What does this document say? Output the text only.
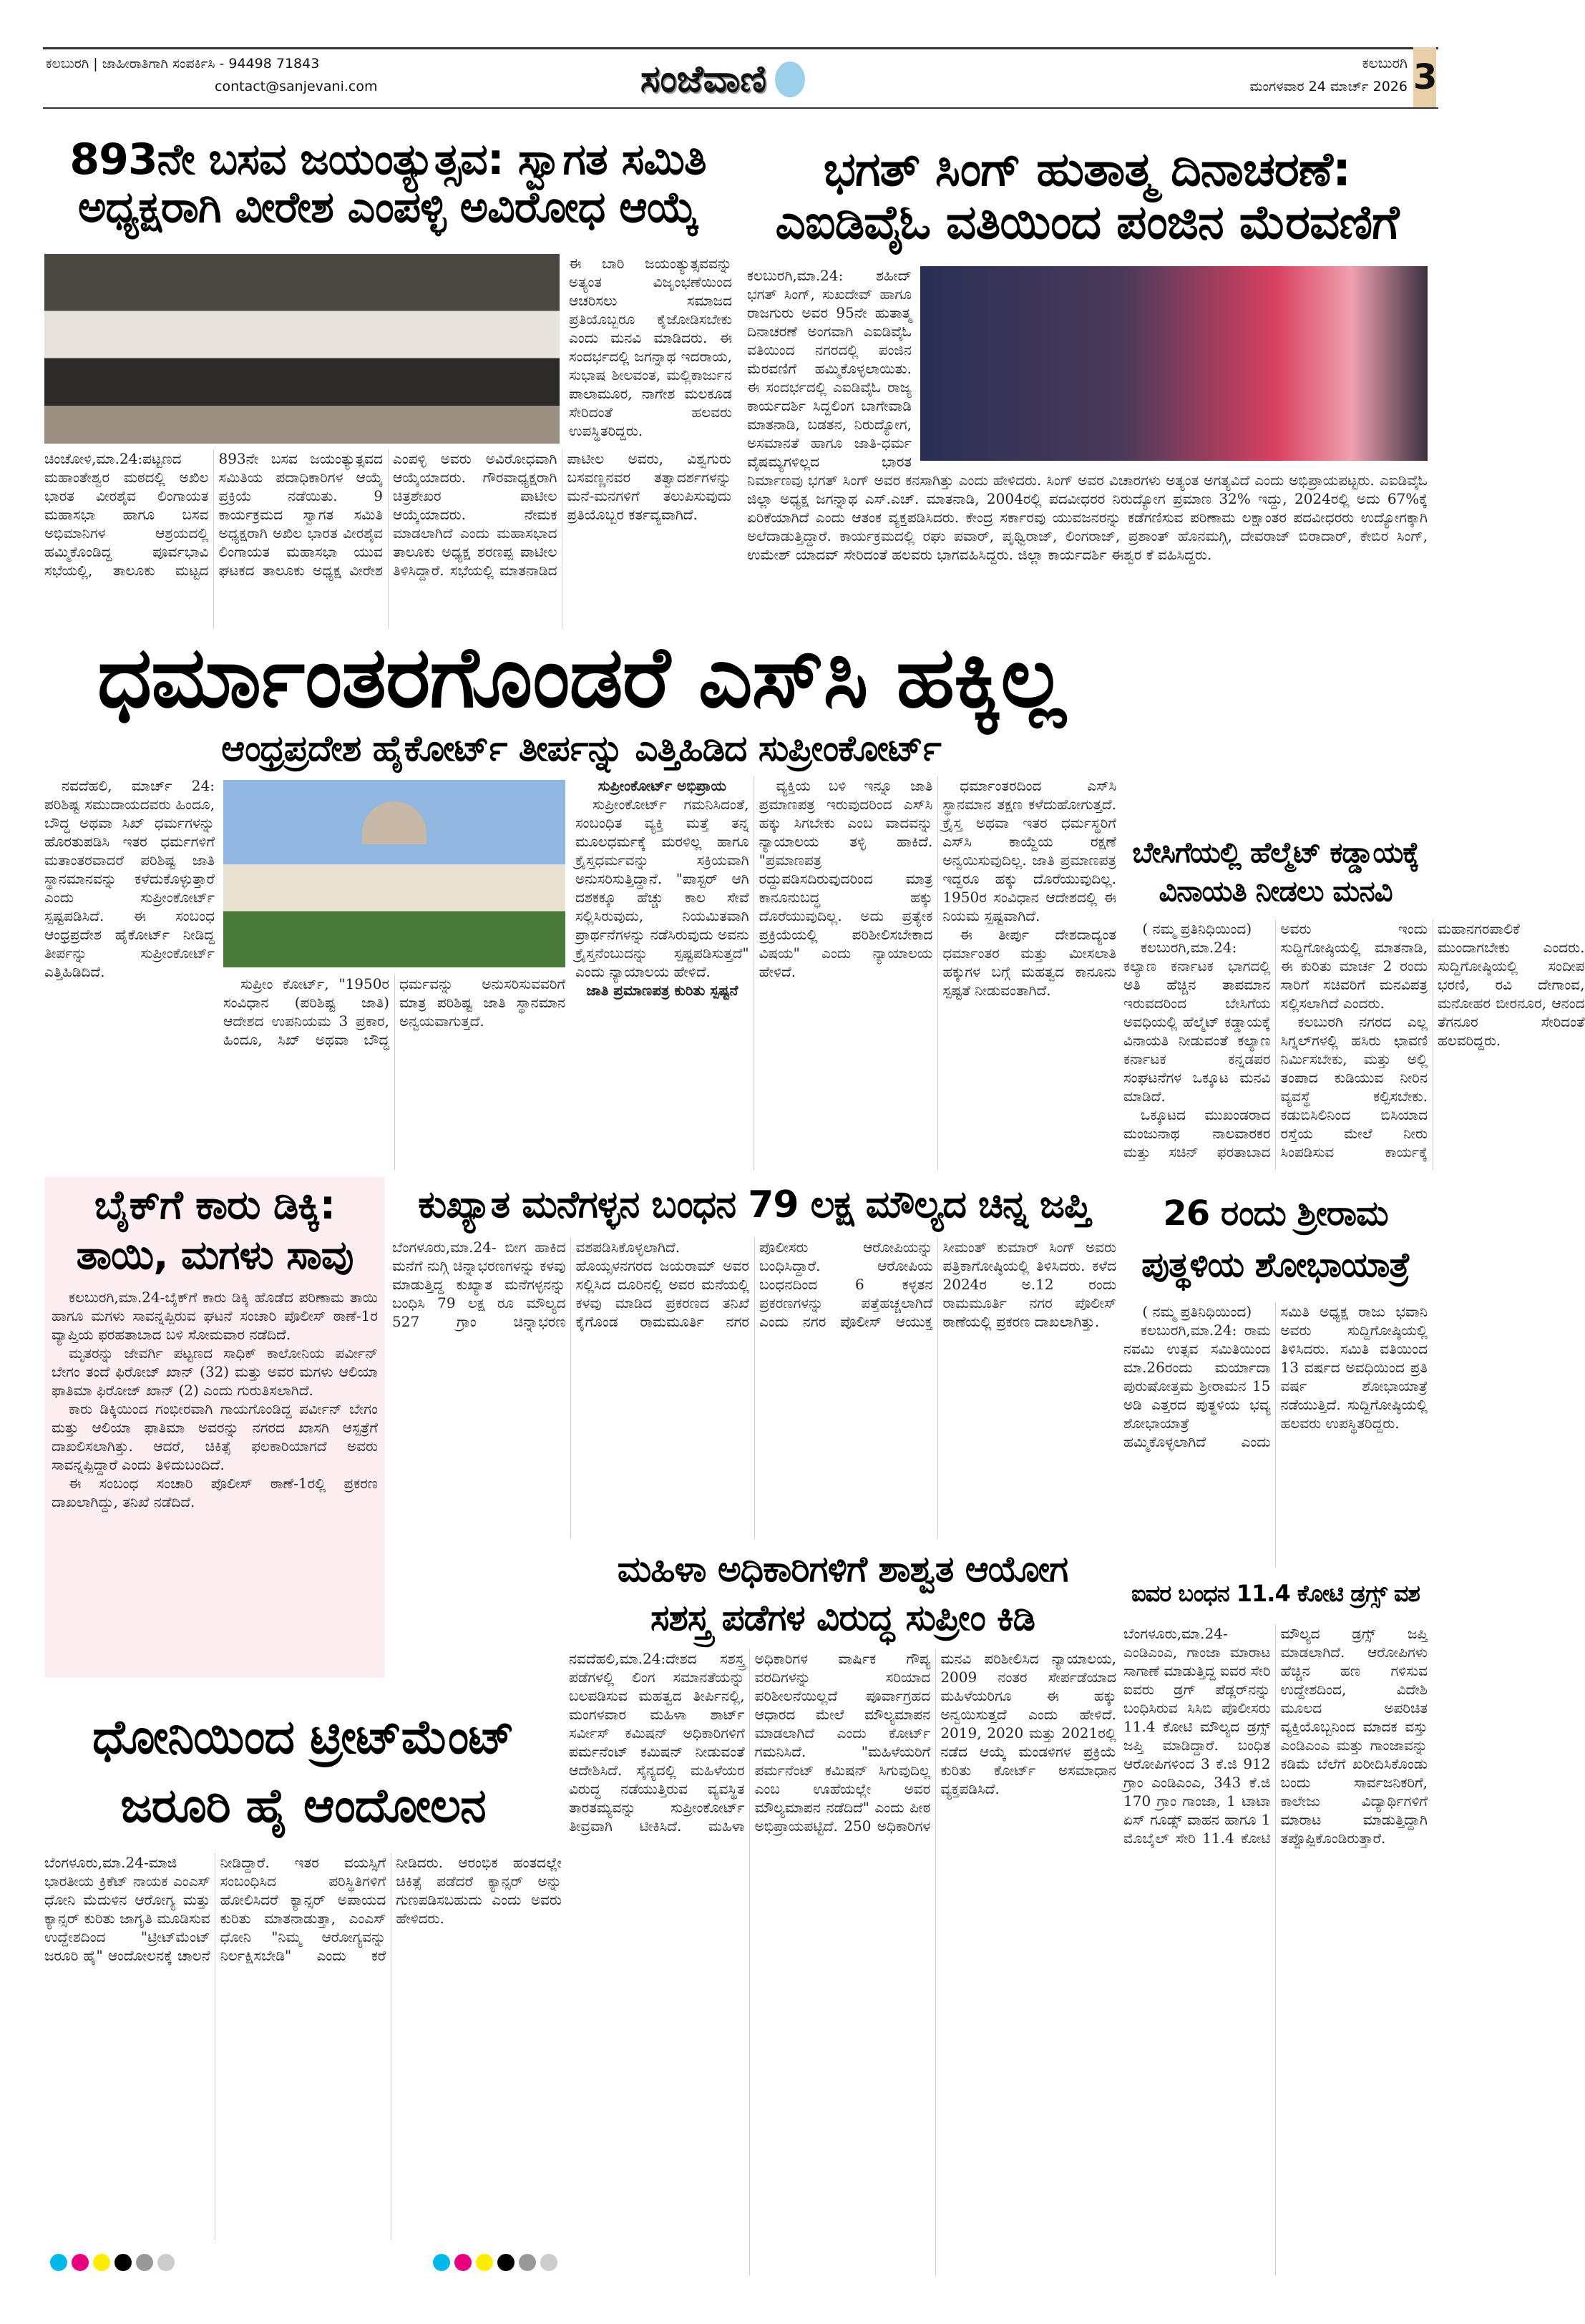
ಕಲಬುರಗಿ | ಜಾಹೀರಾತಿಗಾಗಿ ಸಂಪರ್ಕಿಸಿ - 94498 71843
contact@sanjevani.com	ಸಂಜೆವಾಣಿ	ಕಲಬುರಗಿ
ಮಂಗಳವಾರ 24 ಮಾರ್ಚ್ 2026 3
893ನೇ ಬಸವ ಜಯಂತ್ಯುತ್ಸವ: ಸ್ವಾಗತ ಸಮಿತಿ
ಅಧ್ಯಕ್ಷರಾಗಿ ವೀರೇಶ ಎಂಪಳ್ಳಿ ಅವಿರೋಧ ಆಯ್ಕೆ
ಈ ಬಾರಿ ಜಯಂತ್ಯುತ್ಸವವನ್ನು ಅತ್ಯಂತ ವಿಜೃಂಭಣೆಯಿಂದ ಆಚರಿಸಲು ಸಮಾಜದ ಪ್ರತಿಯೊಬ್ಬರೂ ಕೈಜೋಡಿಸಬೇಕು ಎಂದು ಮನವಿ ಮಾಡಿದರು. ಈ ಸಂದರ್ಭದಲ್ಲಿ ಜಗನ್ನಾಥ ಇದರಾಯ, ಸುಭಾಷ ಶೀಲವಂತ, ಮಲ್ಲಿಕಾರ್ಜುನ ಪಾಲಾಮೂರ, ನಾಗೇಶ ಮಲಕೂಡ ಸೇರಿದಂತೆ ಹಲವರು ಉಪಸ್ಥಿತರಿದ್ದರು.
ಚಿಂಚೋಳಿ,ಮಾ.24:ಪಟ್ಟಣದ ಮಹಾಂತೇಶ್ವರ ಮಠದಲ್ಲಿ ಅಖಿಲ ಭಾರತ ವೀರಶೈವ ಲಿಂಗಾಯತ ಮಹಾಸಭಾ ಹಾಗೂ ಬಸವ ಅಭಿಮಾನಿಗಳ ಆಶ್ರಯದಲ್ಲಿ ಹಮ್ಮಿಕೊಂಡಿದ್ದ ಪೂರ್ವಭಾವಿ ಸಭೆಯಲ್ಲಿ, ತಾಲೂಕು ಮಟ್ಟದ 893ನೇ ಬಸವ ಜಯಂತ್ಯುತ್ಸವದ ಸಮಿತಿಯ ಪದಾಧಿಕಾರಿಗಳ ಆಯ್ಕೆ ಪ್ರಕ್ರಿಯೆ ನಡೆಯಿತು. 9 ಕಾರ್ಯಕ್ರಮದ ಸ್ವಾಗತ ಸಮಿತಿ ಅಧ್ಯಕ್ಷರಾಗಿ ಅಖಿಲ ಭಾರತ ವೀರಶೈವ ಲಿಂಗಾಯತ ಮಹಾಸಭಾ ಯುವ ಘಟಕದ ತಾಲೂಕು ಅಧ್ಯಕ್ಷ ವೀರೇಶ ಎಂಪಳ್ಳಿ ಅವರು ಅವಿರೋಧವಾಗಿ ಆಯ್ಕೆಯಾದರು. ಗೌರವಾಧ್ಯಕ್ಷರಾಗಿ ಚಿತ್ರಶೇಖರ ಪಾಟೀಲ ಆಯ್ಕೆಯಾದರು. ನೇಮಕ ಮಾಡಲಾಗಿದೆ ಎಂದು ಮಹಾಸಭಾದ ತಾಲೂಕು ಅಧ್ಯಕ್ಷ ಶರಣಪ್ಪ ಪಾಟೀಲ ತಿಳಿಸಿದ್ದಾರೆ. ಸಭೆಯಲ್ಲಿ ಮಾತನಾಡಿದ ಪಾಟೀಲ ಅವರು, ವಿಶ್ವಗುರು ಬಸವಣ್ಣನವರ ತತ್ವಾದರ್ಶಗಳನ್ನು ಮನೆ-ಮನಗಳಿಗೆ ತಲುಪಿಸುವುದು ಪ್ರತಿಯೊಬ್ಬರ ಕರ್ತವ್ಯವಾಗಿದೆ.
ಭಗತ್ ಸಿಂಗ್ ಹುತಾತ್ಮ ದಿನಾಚರಣೆ:
ಎಐಡಿವೈಓ ವತಿಯಿಂದ ಪಂಜಿನ ಮೆರವಣಿಗೆ
ಕಲಬುರಗಿ,ಮಾ.24: ಶಹೀದ್ ಭಗತ್ ಸಿಂಗ್, ಸುಖದೇವ್ ಹಾಗೂ ರಾಜಗುರು ಅವರ 95ನೇ ಹುತಾತ್ಮ ದಿನಾಚರಣೆ ಅಂಗವಾಗಿ ಎಐಡಿವೈಓ ವತಿಯಿಂದ ನಗರದಲ್ಲಿ ಪಂಜಿನ ಮೆರವಣಿಗೆ ಹಮ್ಮಿಕೊಳ್ಳಲಾಯಿತು. ಈ ಸಂದರ್ಭದಲ್ಲಿ ಎಐಡಿವೈಓ ರಾಜ್ಯ ಕಾರ್ಯದರ್ಶಿ ಸಿದ್ದಲಿಂಗ ಬಾಗೇವಾಡಿ ಮಾತನಾಡಿ, ಬಡತನ, ನಿರುದ್ಯೋಗ, ಅಸಮಾನತೆ ಹಾಗೂ ಜಾತಿ-ಧರ್ಮ ವೈಷಮ್ಯಗಳಿಲ್ಲದ ಭಾರತ ನಿರ್ಮಾಣವು ಭಗತ್ ಸಿಂಗ್ ಅವರ ಕನಸಾಗಿತ್ತು ಎಂದು ಹೇಳಿದರು. ಸಿಂಗ್ ಅವರ ವಿಚಾರಗಳು ಅತ್ಯಂತ ಅಗತ್ಯವಿದೆ ಎಂದು ಅಭಿಪ್ರಾಯಪಟ್ಟರು. ಎಐಡಿವೈಓ ಜಿಲ್ಲಾ ಅಧ್ಯಕ್ಷ ಜಗನ್ನಾಥ ಎಸ್.ಎಚ್. ಮಾತನಾಡಿ, 2004ರಲ್ಲಿ ಪದವೀಧರರ ನಿರುದ್ಯೋಗ ಪ್ರಮಾಣ 32% ಇದ್ದು, 2024ರಲ್ಲಿ ಅದು 67%ಕ್ಕೆ ಏರಿಕೆಯಾಗಿದೆ ಎಂದು ಆತಂಕ ವ್ಯಕ್ತಪಡಿಸಿದರು. ಕೇಂದ್ರ ಸರ್ಕಾರವು ಯುವಜನರನ್ನು ಕಡೆಗಣಿಸುವ ಪರಿಣಾಮ ಲಕ್ಷಾಂತರ ಪದವೀಧರರು ಉದ್ಯೋಗಕ್ಕಾಗಿ ಅಲೆದಾಡುತ್ತಿದ್ದಾರೆ. ಕಾರ್ಯಕ್ರಮದಲ್ಲಿ ರಘು ಪವಾರ್, ಪೃಥ್ವಿರಾಜ್, ಲಿಂಗರಾಜ್, ಪ್ರಶಾಂತ್ ಹೊನಮಗ್ಗಿ, ದೇವರಾಜ್ ಬಿರಾದಾರ್, ಕೇಬಿರ ಸಿಂಗ್, ಉಮೇಶ್ ಯಾದವ್ ಸೇರಿದಂತೆ ಹಲವರು ಭಾಗವಹಿಸಿದ್ದರು. ಜಿಲ್ಲಾ ಕಾರ್ಯದರ್ಶಿ ಈಶ್ವರ ಕೆ ವಹಿಸಿದ್ದರು.
ಧರ್ಮಾಂತರಗೊಂಡರೆ ಎಸ್‌ಸಿ ಹಕ್ಕಿಲ್ಲ
ಆಂಧ್ರಪ್ರದೇಶ ಹೈಕೋರ್ಟ್ ತೀರ್ಪನ್ನು ಎತ್ತಿಹಿಡಿದ ಸುಪ್ರೀಂಕೋರ್ಟ್

ನವದೆಹಲಿ, ಮಾರ್ಚ್ 24: ಪರಿಶಿಷ್ಟ ಸಮುದಾಯದವರು ಹಿಂದೂ, ಬೌದ್ಧ ಅಥವಾ ಸಿಖ್ ಧರ್ಮಗಳನ್ನು ಹೊರತುಪಡಿಸಿ ಇತರ ಧರ್ಮಗಳಿಗೆ ಮತಾಂತರವಾದರೆ ಪರಿಶಿಷ್ಟ ಜಾತಿ ಸ್ಥಾನಮಾನವನ್ನು ಕಳೆದುಕೊಳ್ಳುತ್ತಾರೆ ಎಂದು ಸುಪ್ರೀಂಕೋರ್ಟ್ ಸ್ಪಷ್ಟಪಡಿಸಿದೆ. ಈ ಸಂಬಂಧ ಆಂಧ್ರಪ್ರದೇಶ ಹೈಕೋರ್ಟ್ ನೀಡಿದ್ದ ತೀರ್ಪನ್ನು ಸುಪ್ರೀಂಕೋರ್ಟ್ ಎತ್ತಿಹಿಡಿದಿದೆ.

ಸುಪ್ರೀಂ ಕೋರ್ಟ್, "1950ರ ಸಂವಿಧಾನ (ಪರಿಶಿಷ್ಟ ಜಾತಿ) ಆದೇಶದ ಉಪನಿಯಮ 3 ಪ್ರಕಾರ, ಹಿಂದೂ, ಸಿಖ್ ಅಥವಾ ಬೌದ್ಧ ಧರ್ಮವನ್ನು ಅನುಸರಿಸುವವರಿಗೆ ಮಾತ್ರ ಪರಿಶಿಷ್ಟ ಜಾತಿ ಸ್ಥಾನಮಾನ ಅನ್ವಯವಾಗುತ್ತದೆ.

ಸುಪ್ರೀಂಕೋರ್ಟ್ ಅಭಿಪ್ರಾಯ

ಸುಪ್ರೀಂಕೋರ್ಟ್ ಗಮನಿಸಿದಂತೆ, ಸಂಬಂಧಿತ ವ್ಯಕ್ತಿ ಮತ್ತೆ ತನ್ನ ಮೂಲಧರ್ಮಕ್ಕೆ ಮರಳಿಲ್ಲ ಹಾಗೂ ಕ್ರೈಸ್ತಧರ್ಮವನ್ನು ಸಕ್ರಿಯವಾಗಿ ಅನುಸರಿಸುತ್ತಿದ್ದಾನೆ. "ಪಾಸ್ಟರ್ ಆಗಿ ದಶಕಕ್ಕೂ ಹೆಚ್ಚು ಕಾಲ ಸೇವೆ ಸಲ್ಲಿಸಿರುವುದು, ನಿಯಮಿತವಾಗಿ ಪ್ರಾರ್ಥನೆಗಳನ್ನು ನಡೆಸಿರುವುದು ಅವನು ಕ್ರೈಸ್ತನೆಂಬುದನ್ನು ಸ್ಪಷ್ಟಪಡಿಸುತ್ತದೆ" ಎಂದು ನ್ಯಾಯಾಲಯ ಹೇಳಿದೆ.

ಜಾತಿ ಪ್ರಮಾಣಪತ್ರ ಕುರಿತು ಸ್ಪಷ್ಟನೆ

ವ್ಯಕ್ತಿಯ ಬಳಿ ಇನ್ನೂ ಜಾತಿ ಪ್ರಮಾಣಪತ್ರ ಇರುವುದರಿಂದ ಎಸ್‌ಸಿ ಹಕ್ಕು ಸಿಗಬೇಕು ಎಂಬ ವಾದವನ್ನು ನ್ಯಾಯಾಲಯ ತಳ್ಳಿ ಹಾಕಿದೆ. "ಪ್ರಮಾಣಪತ್ರ ರದ್ದುಪಡಿಸದಿರುವುದರಿಂದ ಮಾತ್ರ ಕಾನೂನುಬದ್ಧ ಹಕ್ಕು ದೊರೆಯುವುದಿಲ್ಲ. ಅದು ಪ್ರತ್ಯೇಕ ಪ್ರಕ್ರಿಯೆಯಲ್ಲಿ ಪರಿಶೀಲಿಸಬೇಕಾದ ವಿಷಯ" ಎಂದು ನ್ಯಾಯಾಲಯ ಹೇಳಿದೆ.

ಧರ್ಮಾಂತರದಿಂದ ಎಸ್‌ಸಿ ಸ್ಥಾನಮಾನ ತಕ್ಷಣ ಕಳೆದುಹೋಗುತ್ತದೆ. ಕ್ರೈಸ್ತ ಅಥವಾ ಇತರ ಧರ್ಮಸ್ಥರಿಗೆ ಎಸ್‌ಸಿ ಕಾಯ್ದೆಯ ರಕ್ಷಣೆ ಅನ್ವಯಿಸುವುದಿಲ್ಲ. ಜಾತಿ ಪ್ರಮಾಣಪತ್ರ ಇದ್ದರೂ ಹಕ್ಕು ದೊರೆಯುವುದಿಲ್ಲ. 1950ರ ಸಂವಿಧಾನ ಆದೇಶದಲ್ಲಿ ಈ ನಿಯಮ ಸ್ಪಷ್ಟವಾಗಿದೆ.

ಈ ತೀರ್ಪು ದೇಶದಾದ್ಯಂತ ಧರ್ಮಾಂತರ ಮತ್ತು ಮೀಸಲಾತಿ ಹಕ್ಕುಗಳ ಬಗ್ಗೆ ಮಹತ್ವದ ಕಾನೂನು ಸ್ಪಷ್ಟತೆ ನೀಡುವಂತಾಗಿದೆ.

ಬೇಸಿಗೆಯಲ್ಲಿ ಹೆಲ್ಮೆಟ್ ಕಡ್ಡಾಯಕ್ಕೆ
ವಿನಾಯತಿ ನೀಡಲು ಮನವಿ

( ನಮ್ಮ ಪ್ರತಿನಿಧಿಯಿಂದ)

ಕಲಬುರಗಿ,ಮಾ.24: ಕಲ್ಯಾಣ ಕರ್ನಾಟಕ ಭಾಗದಲ್ಲಿ ಅತಿ ಹೆಚ್ಚಿನ ತಾಪಮಾನ ಇರುವದರಿಂದ ಬೇಸಿಗೆಯ ಅವಧಿಯಲ್ಲಿ ಹೆಲ್ಮೆಟ್ ಕಡ್ಡಾಯಕ್ಕೆ ವಿನಾಯತಿ ನೀಡುವಂತೆ ಕಲ್ಯಾಣ ಕರ್ನಾಟಕ ಕನ್ನಡಪರ ಸಂಘಟನೆಗಳ ಒಕ್ಕೂಟ ಮನವಿ ಮಾಡಿದೆ.

ಒಕ್ಕೂಟದ ಮುಖಂಡರಾದ ಮಂಜುನಾಥ ನಾಲವಾರಕರ ಮತ್ತು ಸಚಿನ್ ಫರತಾಬಾದ ಅವರು ಇಂದು ಸುದ್ದಿಗೋಷ್ಠಿಯಲ್ಲಿ ಮಾತನಾಡಿ, ಈ ಕುರಿತು ಮಾರ್ಚ 2 ರಂದು ಸಾರಿಗೆ ಸಚಿವರಿಗೆ ಮನವಿಪತ್ರ ಸಲ್ಲಿಸಲಾಗಿದೆ ಎಂದರು.

ಕಲಬುರಗಿ ನಗರದ ಎಲ್ಲ ಸಿಗ್ನಲ್‌ಗಳಲ್ಲಿ ಹಸಿರು ಛಾವಣಿ ನಿರ್ಮಿಸಬೇಕು, ಮತ್ತು ಅಲ್ಲಿ ತಂಪಾದ ಕುಡಿಯುವ ನೀರಿನ ವ್ಯವಸ್ಥೆ ಕಲ್ಪಿಸಬೇಕು. ಕಡುಬಿಸಿಲಿನಿಂದ ಬಿಸಿಯಾದ ರಸ್ತೆಯ ಮೇಲೆ ನೀರು ಸಿಂಪಡಿಸುವ ಕಾರ್ಯಕ್ಕೆ ಮಹಾನಗರಪಾಲಿಕೆ ಮುಂದಾಗಬೇಕು ಎಂದರು. ಸುದ್ದಿಗೋಷ್ಠಿಯಲ್ಲಿ ಸಂದೀಪ ಭರಣಿ, ರವಿ ದೇಗಾಂವ, ಮನೋಹರ ಬೀರನೂರ, ಆನಂದ ತೆಗನೂರ ಸೇರಿದಂತೆ ಹಲವರಿದ್ದರು.

ಬೈಕ್‌ಗೆ ಕಾರು ಡಿಕ್ಕಿ:
ತಾಯಿ, ಮಗಳು ಸಾವು

ಕಲಬುರಗಿ,ಮಾ.24-ಬೈಕ್‌ಗೆ ಕಾರು ಡಿಕ್ಕಿ ಹೊಡೆದ ಪರಿಣಾಮ ತಾಯಿ ಹಾಗೂ ಮಗಳು ಸಾವನ್ನಪ್ಪಿರುವ ಘಟನೆ ಸಂಚಾರಿ ಪೊಲೀಸ್ ಠಾಣೆ-1ರ ವ್ಯಾಪ್ತಿಯ ಫರಹತಾಬಾದ ಬಳಿ ಸೋಮವಾರ ನಡೆದಿದೆ.

ಮೃತರನ್ನು ಜೇವರ್ಗಿ ಪಟ್ಟಣದ ಸಾಧಿಕ್ ಕಾಲೋನಿಯ ಪರ್ವೀನ್ ಬೇಗಂ ತಂದೆ ಫಿರೋಜ್ ಖಾನ್ (32) ಮತ್ತು ಅವರ ಮಗಳು ಆಲಿಯಾ ಫಾತಿಮಾ ಫಿರೋಜ್ ಖಾನ್ (2) ಎಂದು ಗುರುತಿಸಲಾಗಿದೆ.

ಕಾರು ಡಿಕ್ಕಿಯಿಂದ ಗಂಭೀರವಾಗಿ ಗಾಯಗೊಂಡಿದ್ದ ಪರ್ವೀನ್ ಬೇಗಂ ಮತ್ತು ಆಲಿಯಾ ಫಾತಿಮಾ ಅವರನ್ನು ನಗರದ ಖಾಸಗಿ ಆಸ್ಪತ್ರೆಗೆ ದಾಖಲಿಸಲಾಗಿತ್ತು. ಆದರೆ, ಚಿಕಿತ್ಸೆ ಫಲಕಾರಿಯಾಗದೆ ಅವರು ಸಾವನ್ನಪ್ಪಿದ್ದಾರೆ ಎಂದು ತಿಳಿದುಬಂದಿದೆ.

ಈ ಸಂಬಂಧ ಸಂಚಾರಿ ಪೊಲೀಸ್ ಠಾಣೆ-1ರಲ್ಲಿ ಪ್ರಕರಣ ದಾಖಲಾಗಿದ್ದು, ತನಿಖೆ ನಡೆದಿದೆ.

ಕುಖ್ಯಾತ ಮನೆಗಳ್ಳನ ಬಂಧನ 79 ಲಕ್ಷ ಮೌಲ್ಯದ ಚಿನ್ನ ಜಪ್ತಿ
ಬೆಂಗಳೂರು,ಮಾ.24- ಬೀಗ ಹಾಕಿದ ಮನೆಗೆ ನುಗ್ಗಿ ಚಿನ್ನಾಭರಣಗಳನ್ನು ಕಳವು ಮಾಡುತ್ತಿದ್ದ ಕುಖ್ಯಾತ ಮನೆಗಳ್ಳನನ್ನು ಬಂಧಿಸಿ 79 ಲಕ್ಷ ರೂ ಮೌಲ್ಯದ 527 ಗ್ರಾಂ ಚಿನ್ನಾಭರಣ ವಶಪಡಿಸಿಕೊಳ್ಳಲಾಗಿದೆ. ಹೊಯ್ಸಳನಗರದ ಜಯರಾಮ್ ಅವರ ಸಲ್ಲಿಸಿದ ದೂರಿನಲ್ಲಿ ಅವರ ಮನೆಯಲ್ಲಿ ಕಳವು ಮಾಡಿದ ಪ್ರಕರಣದ ತನಿಖೆ ಕೈಗೊಂಡ ರಾಮಮೂರ್ತಿ ನಗರ ಪೊಲೀಸರು ಆರೋಪಿಯನ್ನು ಬಂಧಿಸಿದ್ದಾರೆ. ಆರೋಪಿಯ ಬಂಧನದಿಂದ 6 ಕಳ್ಳತನ ಪ್ರಕರಣಗಳನ್ನು ಪತ್ತೆಹಚ್ಚಲಾಗಿದೆ ಎಂದು ನಗರ ಪೊಲೀಸ್ ಆಯುಕ್ತ ಸೀಮಂತ್ ಕುಮಾರ್ ಸಿಂಗ್ ಅವರು ಪತ್ರಿಕಾಗೋಷ್ಠಿಯಲ್ಲಿ ತಿಳಿಸಿದರು. ಕಳೆದ 2024ರ ಅ.12 ರಂದು ರಾಮಮೂರ್ತಿ ನಗರ ಪೊಲೀಸ್ ಠಾಣೆಯಲ್ಲಿ ಪ್ರಕರಣ ದಾಖಲಾಗಿತ್ತು.
26 ರಂದು ಶ್ರೀರಾಮ
ಪುತ್ಥಳಿಯ ಶೋಭಾಯಾತ್ರೆ

( ನಮ್ಮ ಪ್ರತಿನಿಧಿಯಿಂದ)

ಕಲಬುರಗಿ,ಮಾ.24: ರಾಮ ನವಮಿ ಉತ್ಸವ ಸಮಿತಿಯಿಂದ ಮಾ.26ರಂದು ಮರ್ಯಾದಾ ಪುರುಷೋತ್ತಮ ಶ್ರೀರಾಮನ 15 ಅಡಿ ಎತ್ತರದ ಪುತ್ಥಳಿಯ ಭವ್ಯ ಶೋಭಾಯಾತ್ರೆ ಹಮ್ಮಿಕೊಳ್ಳಲಾಗಿದೆ ಎಂದು ಸಮಿತಿ ಅಧ್ಯಕ್ಷ ರಾಜು ಭವಾನಿ ಅವರು ಸುದ್ದಿಗೋಷ್ಠಿಯಲ್ಲಿ ತಿಳಿಸಿದರು. ಸಮಿತಿ ವತಿಯಿಂದ 13 ವರ್ಷದ ಅವಧಿಯಿಂದ ಪ್ರತಿ ವರ್ಷ ಶೋಭಾಯಾತ್ರೆ ನಡೆಯುತ್ತಿದೆ. ಸುದ್ದಿಗೋಷ್ಠಿಯಲ್ಲಿ ಹಲವರು ಉಪಸ್ಥಿತರಿದ್ದರು.

ಮಹಿಳಾ ಅಧಿಕಾರಿಗಳಿಗೆ ಶಾಶ್ವತ ಆಯೋಗ
ಸಶಸ್ತ್ರ ಪಡೆಗಳ ವಿರುದ್ಧ ಸುಪ್ರೀಂ ಕಿಡಿ
ನವದೆಹಲಿ,ಮಾ.24:ದೇಶದ ಸಶಸ್ತ್ರ ಪಡೆಗಳಲ್ಲಿ ಲಿಂಗ ಸಮಾನತೆಯನ್ನು ಬಲಪಡಿಸುವ ಮಹತ್ವದ ತೀರ್ಪಿನಲ್ಲಿ, ಮಂಗಳವಾರ ಮಹಿಳಾ ಶಾರ್ಟ್ ಸರ್ವೀಸ್ ಕಮಿಷನ್ ಅಧಿಕಾರಿಗಳಿಗೆ ಪರ್ಮನೆಂಟ್ ಕಮಿಷನ್ ನೀಡುವಂತೆ ಆದೇಶಿಸಿದೆ. ಸೈನ್ಯದಲ್ಲಿ ಮಹಿಳೆಯರ ವಿರುದ್ಧ ನಡೆಯುತ್ತಿರುವ ವ್ಯವಸ್ಥಿತ ತಾರತಮ್ಯವನ್ನು ಸುಪ್ರೀಂಕೋರ್ಟ್ ತೀವ್ರವಾಗಿ ಟೀಕಿಸಿದೆ. ಮಹಿಳಾ ಅಧಿಕಾರಿಗಳ ವಾರ್ಷಿಕ ಗೌಪ್ಯ ವರದಿಗಳನ್ನು ಸರಿಯಾದ ಪರಿಶೀಲನೆಯಿಲ್ಲದೆ ಪೂರ್ವಾಗ್ರಹದ ಆಧಾರದ ಮೇಲೆ ಮೌಲ್ಯಮಾಪನ ಮಾಡಲಾಗಿದೆ ಎಂದು ಕೋರ್ಟ್ ಗಮನಿಸಿದೆ. "ಮಹಿಳೆಯರಿಗೆ ಪರ್ಮನೆಂಟ್ ಕಮಿಷನ್ ಸಿಗುವುದಿಲ್ಲ ಎಂಬ ಊಹೆಯಲ್ಲೇ ಅವರ ಮೌಲ್ಯಮಾಪನ ನಡೆದಿದೆ" ಎಂದು ಪೀಠ ಅಭಿಪ್ರಾಯಪಟ್ಟಿದೆ. 250 ಅಧಿಕಾರಿಗಳ ಮನವಿ ಪರಿಶೀಲಿಸಿದ ನ್ಯಾಯಾಲಯ, 2009 ನಂತರ ಸೇರ್ಪಡೆಯಾದ ಮಹಿಳೆಯರಿಗೂ ಈ ಹಕ್ಕು ಅನ್ವಯಿಸುತ್ತದೆ ಎಂದು ಹೇಳಿದೆ. 2019, 2020 ಮತ್ತು 2021ರಲ್ಲಿ ನಡೆದ ಆಯ್ಕೆ ಮಂಡಳಿಗಳ ಪ್ರಕ್ರಿಯೆ ಕುರಿತು ಕೋರ್ಟ್ ಅಸಮಾಧಾನ ವ್ಯಕ್ತಪಡಿಸಿದೆ.
ಐವರ ಬಂಧನ 11.4 ಕೋಟಿ ಡ್ರಗ್ಸ್ ವಶ
ಬೆಂಗಳೂರು,ಮಾ.24- ಎಂಡಿಎಂಎ, ಗಾಂಜಾ ಮಾರಾಟ ಸಾಗಾಣೆ ಮಾಡುತ್ತಿದ್ದ ಐವರ ಸೇರಿ ಐವರು ಡ್ರಗ್ ಪೆಡ್ಲರ್‌ನನ್ನು ಬಂಧಿಸಿರುವ ಸಿಸಿಬಿ ಪೊಲೀಸರು 11.4 ಕೋಟಿ ಮೌಲ್ಯದ ಡ್ರಗ್ಸ್ ಜಪ್ತಿ ಮಾಡಿದ್ದಾರೆ. ಬಂಧಿತ ಆರೋಪಿಗಳಿಂದ 3 ಕೆ.ಜಿ 912 ಗ್ರಾಂ ಎಂಡಿಎಂಎ, 343 ಕೆ.ಜಿ 170 ಗ್ರಾಂ ಗಾಂಜಾ, 1 ಟಾಟಾ ಏಸ್ ಗೂಡ್ಸ್ ವಾಹನ ಹಾಗೂ 1 ಮೊಬೈಲ್ ಸೇರಿ 11.4 ಕೋಟಿ ಮೌಲ್ಯದ ಡ್ರಗ್ಸ್ ಜಪ್ತಿ ಮಾಡಲಾಗಿದೆ. ಆರೋಪಿಗಳು ಹೆಚ್ಚಿನ ಹಣ ಗಳಿಸುವ ಉದ್ದೇಶದಿಂದ, ವಿದೇಶಿ ಮೂಲದ ಅಪರಿಚಿತ ವ್ಯಕ್ತಿಯೊಬ್ಬನಿಂದ ಮಾದಕ ವಸ್ತು ಎಂಡಿಎಂಎ ಮತ್ತು ಗಾಂಜಾವನ್ನು ಕಡಿಮೆ ಬೆಲೆಗೆ ಖರೀದಿಸಿಕೊಂಡು ಬಂದು ಸಾರ್ವಜನಿಕರಿಗೆ, ಕಾಲೇಜು ವಿದ್ಯಾರ್ಥಿಗಳಿಗೆ ಮಾರಾಟ ಮಾಡುತ್ತಿದ್ದಾಗಿ ತಪ್ಪೊಪ್ಪಿಕೊಂಡಿರುತ್ತಾರೆ.
ಧೋನಿಯಿಂದ ಟ್ರೀಟ್‌ಮೆಂಟ್
ಜರೂರಿ ಹೈ ಆಂದೋಲನ
ಬೆಂಗಳೂರು,ಮಾ.24-ಮಾಜಿ ಭಾರತೀಯ ಕ್ರಿಕೆಟ್ ನಾಯಕ ಎಂಎಸ್ ಧೋನಿ ಮೆದುಳಿನ ಆರೋಗ್ಯ ಮತ್ತು ಕ್ಯಾನ್ಸರ್ ಕುರಿತು ಜಾಗೃತಿ ಮೂಡಿಸುವ ಉದ್ದೇಶದಿಂದ "ಟ್ರೀಟ್‌ಮೆಂಟ್ ಜರೂರಿ ಹೈ" ಆಂದೋಲನಕ್ಕೆ ಚಾಲನೆ ನೀಡಿದ್ದಾರೆ. ಇತರ ವಯಸ್ಸಿಗೆ ಸಂಬಂಧಿಸಿದ ಪರಿಸ್ಥಿತಿಗಳಿಗೆ ಹೋಲಿಸಿದರೆ ಕ್ಯಾನ್ಸರ್ ಅಪಾಯದ ಕುರಿತು ಮಾತನಾಡುತ್ತಾ, ಎಂಎಸ್ ಧೋನಿ "ನಿಮ್ಮ ಆರೋಗ್ಯವನ್ನು ನಿರ್ಲಕ್ಷಿಸಬೇಡಿ" ಎಂದು ಕರೆ ನೀಡಿದರು. ಆರಂಭಿಕ ಹಂತದಲ್ಲೇ ಚಿಕಿತ್ಸೆ ಪಡೆದರೆ ಕ್ಯಾನ್ಸರ್ ಅನ್ನು ಗುಣಪಡಿಸಬಹುದು ಎಂದು ಅವರು ಹೇಳಿದರು.
